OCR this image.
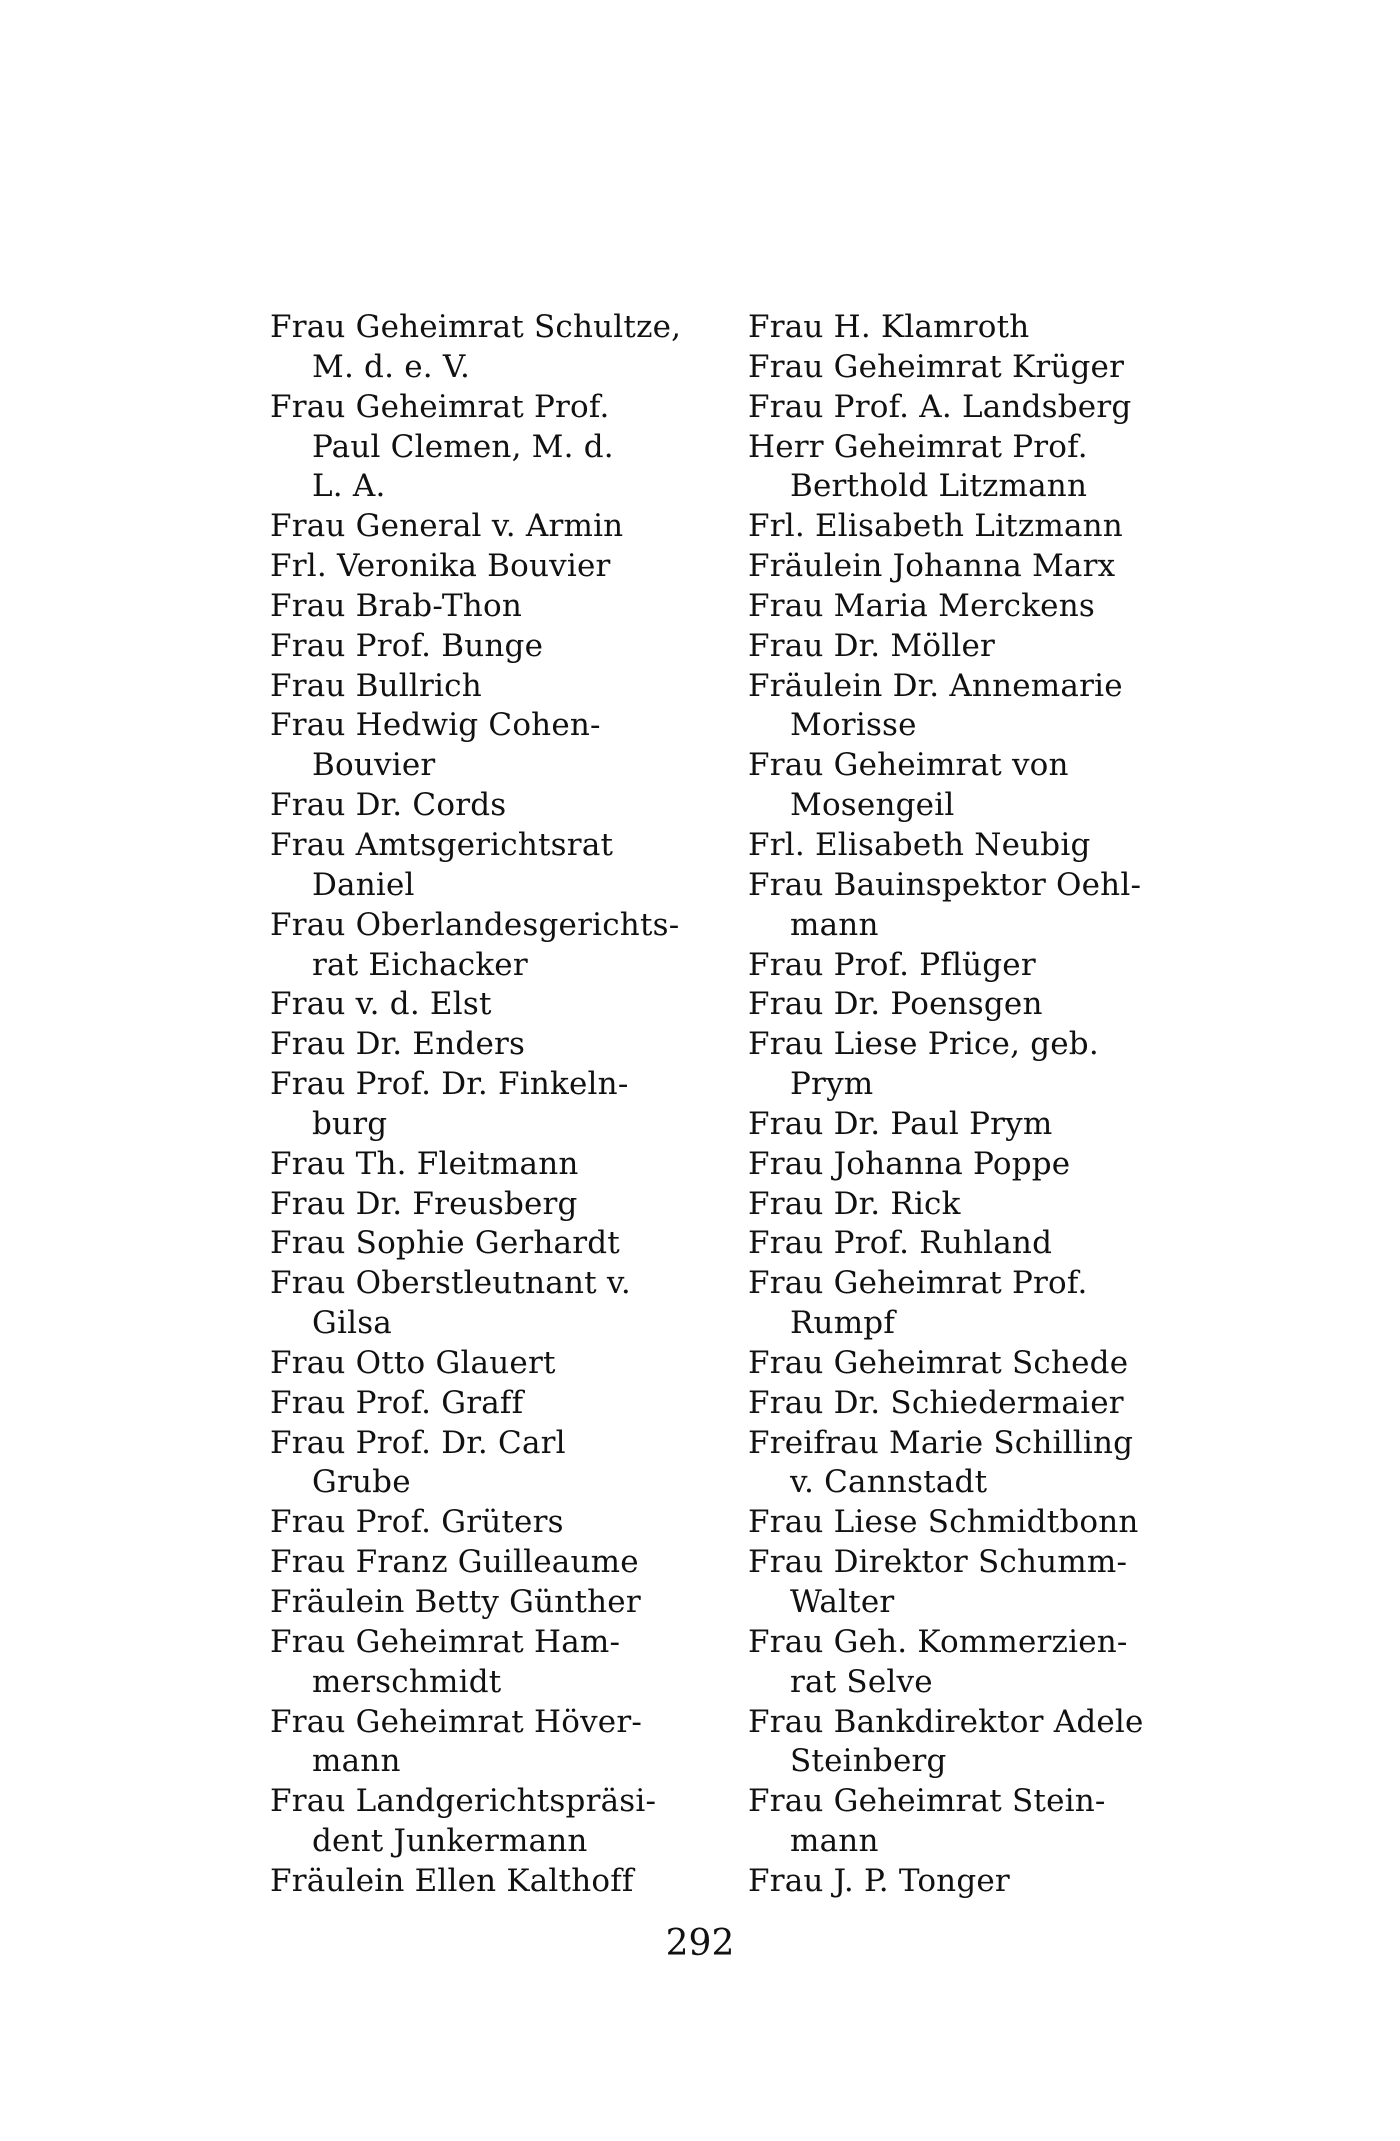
Frau Geheimrat Schultze,
M. d. e. V.
Frau Geheimrat Prof.
Paul Clemen, M. d.
L. A.
Frau General v. Armin
Frl. Veronika Bouvier
Frau Brab-Thon
Frau Prof. Bunge
Frau Bullrich
Frau Hedwig Cohen-
Bouvier
Frau Dr. Cords
Frau Amtsgerichtsrat
Daniel
Frau Oberlandesgerichts-
rat Eichacker
Frau v. d. Elst
Frau Dr. Enders
Frau Prof. Dr. Finkeln-
burg
Frau Th. Fleitmann
Frau Dr. Freusberg
Frau Sophie Gerhardt
Frau Oberstleutnant v.
Gilsa
Frau Otto Glauert
Frau Prof. Graff
Frau Prof. Dr. Carl
Grube
Frau Prof. Grüters
Frau Franz Guilleaume
Fräulein Betty Günther
Frau Geheimrat Ham-
merschmidt
Frau Geheimrat Höver-
mann
Frau Landgerichtspräsi-
dent Junkermann
Fräulein Ellen Kalthoff
Frau H. Klamroth
Frau Geheimrat Krüger
Frau Prof. A. Landsberg
Herr Geheimrat Prof.
Berthold Litzmann
Frl. Elisabeth Litzmann
Fräulein Johanna Marx
Frau Maria Merckens
Frau Dr. Möller
Fräulein Dr. Annemarie
Morisse
Frau Geheimrat von
Mosengeil
Frl. Elisabeth Neubig
Frau Bauinspektor Oehl-
mann
Frau Prof. Pflüger
Frau Dr. Poensgen
Frau Liese Price, geb.
Prym
Frau Dr. Paul Prym
Frau Johanna Poppe
Frau Dr. Rick
Frau Prof. Ruhland
Frau Geheimrat Prof.
Rumpf
Frau Geheimrat Schede
Frau Dr. Schiedermaier
Freifrau Marie Schilling
v. Cannstadt
Frau Liese Schmidtbonn
Frau Direktor Schumm-
Walter
Frau Geh. Kommerzien-
rat Selve
Frau Bankdirektor Adele
Steinberg
Frau Geheimrat Stein-
mann
Frau J. P. Tonger
292
